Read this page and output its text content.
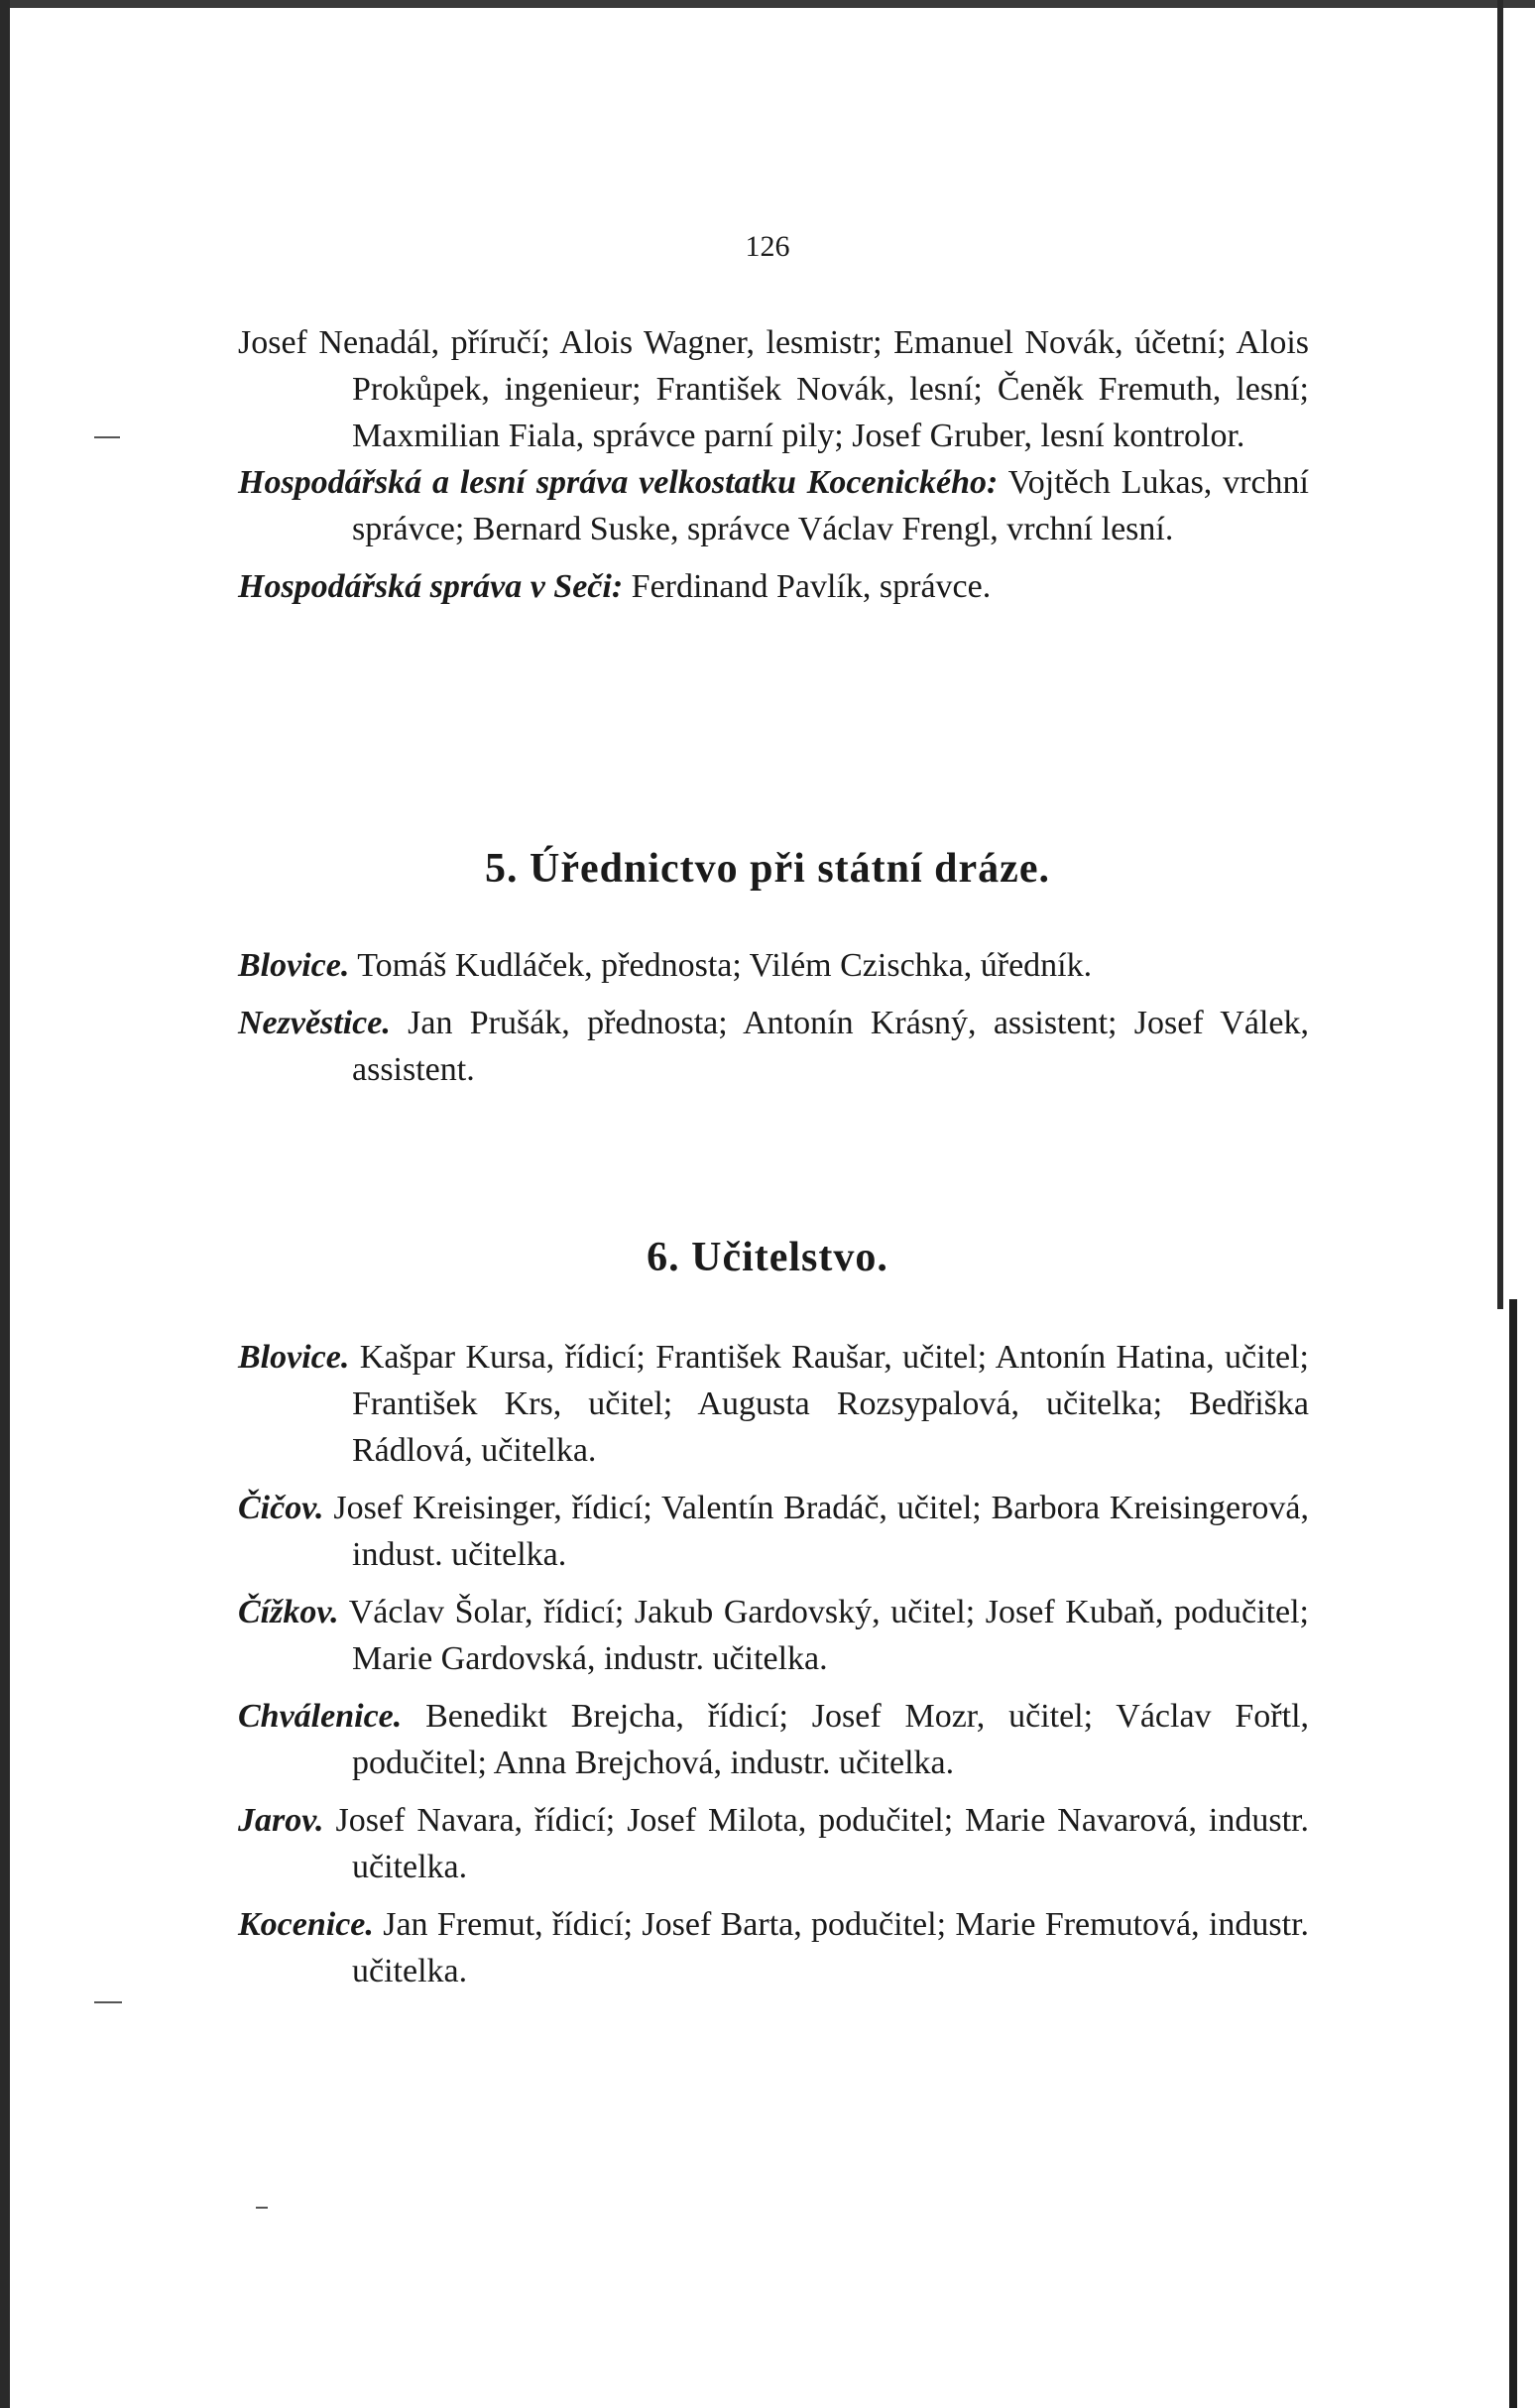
126

Josef Nenadál, příručí; Alois Wagner, lesmistr; Emanuel Novák, účetní; Alois Prokůpek, ingenieur; František Novák, lesní; Čeněk Fremuth, lesní; Maxmilian Fiala, správce parní pily; Josef Gruber, lesní kontrolor.

Hospodářská a lesní správa velkostatku Kocenického: Vojtěch Lukas, vrchní správce; Bernard Suske, správce Václav Frengl, vrchní lesní.

Hospodářská správa v Seči: Ferdinand Pavlík, správce.

5. Úřednictvo při státní dráze.

Blovice. Tomáš Kudláček, přednosta; Vilém Czischka, úředník.

Nezvěstice. Jan Prušák, přednosta; Antonín Krásný, assistent; Josef Válek, assistent.

6. Učitelstvo.

Blovice. Kašpar Kursa, řídicí; František Raušar, učitel; Antonín Hatina, učitel; František Krs, učitel; Augusta Rozsypalová, učitelka; Bedřiška Rádlová, učitelka.

Čičov. Josef Kreisinger, řídicí; Valentín Bradáč, učitel; Barbora Kreisingerová, indust. učitelka.

Čížkov. Václav Šolar, řídicí; Jakub Gardovský, učitel; Josef Kubaň, podučitel; Marie Gardovská, industr. učitelka.

Chválenice. Benedikt Brejcha, řídicí; Josef Mozr, učitel; Václav Fořtl, podučitel; Anna Brejchová, industr. učitelka.

Jarov. Josef Navara, řídicí; Josef Milota, podučitel; Marie Navarová, industr. učitelka.

Kocenice. Jan Fremut, řídicí; Josef Barta, podučitel; Marie Fremutová, industr. učitelka.
